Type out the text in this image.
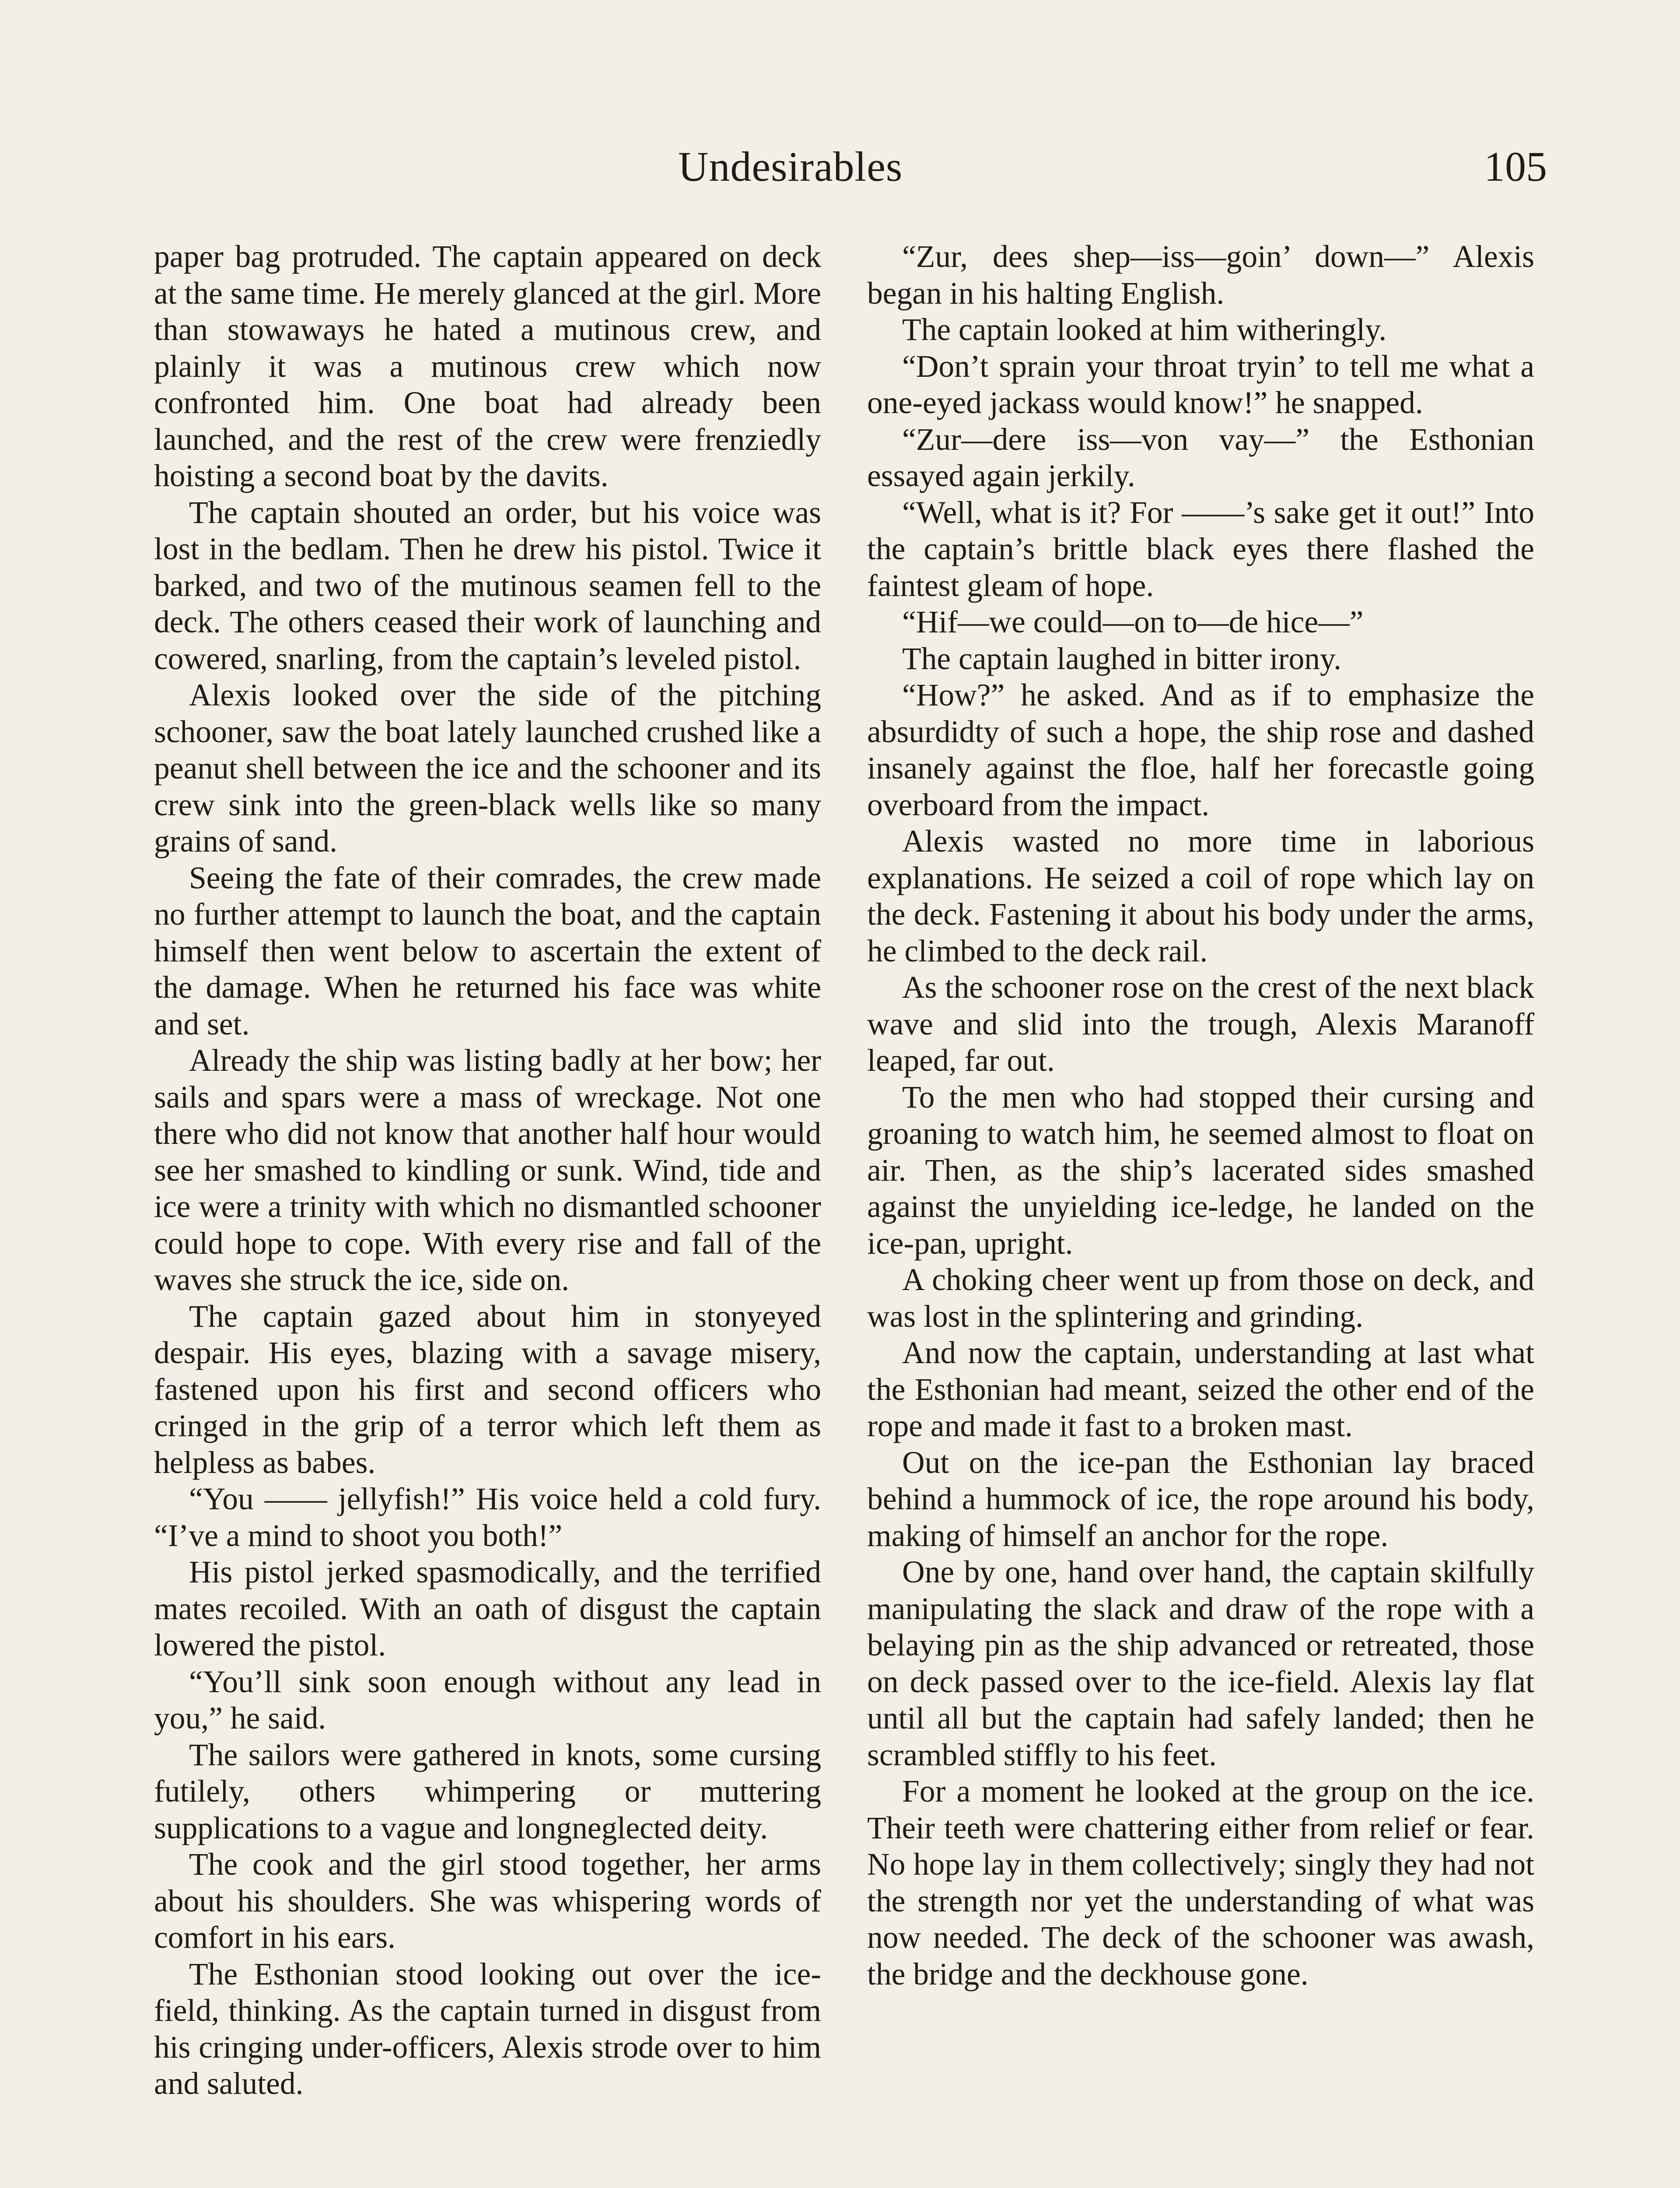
Undesirables	105

paper bag protruded. The captain appeared on deck at the same time. He merely glanced at the girl. More than stowaways he hated a mutinous crew, and plainly it was a mutinous crew which now confronted him. One boat had already been launched, and the rest of the crew were frenziedly hoisting a second boat by the davits.

The captain shouted an order, but his voice was lost in the bedlam. Then he drew his pistol. Twice it barked, and two of the mutinous seamen fell to the deck. The others ceased their work of launching and cowered, snarling, from the captain’s leveled pistol.

Alexis looked over the side of the pitching schooner, saw the boat lately launched crushed like a peanut shell between the ice and the schooner and its crew sink into the green-black wells like so many grains of sand.

Seeing the fate of their comrades, the crew made no further attempt to launch the boat, and the captain himself then went below to ascertain the extent of the damage. When he returned his face was white and set.

Already the ship was listing badly at her bow; her sails and spars were a mass of wreckage. Not one there who did not know that another half hour would see her smashed to kindling or sunk. Wind, tide and ice were a trinity with which no dismantled schooner could hope to cope. With every rise and fall of the waves she struck the ice, side on.

The captain gazed about him in stonyeyed despair. His eyes, blazing with a savage misery, fastened upon his first and second officers who cringed in the grip of a terror which left them as helpless as babes.

“You —— jellyfish!” His voice held a cold fury. “I’ve a mind to shoot you both!”

His pistol jerked spasmodically, and the terrified mates recoiled. With an oath of disgust the captain lowered the pistol.

“You’ll sink soon enough without any lead in you,” he said.

The sailors were gathered in knots, some cursing futilely, others whimpering or muttering supplications to a vague and longneglected deity.

The cook and the girl stood together, her arms about his shoulders. She was whispering words of comfort in his ears.

The Esthonian stood looking out over the ice-field, thinking. As the captain turned in disgust from his cringing under-officers, Alexis strode over to him and saluted.

“Zur, dees shep—iss—goin’ down—” Alexis began in his halting English.

The captain looked at him witheringly.

“Don’t sprain your throat tryin’ to tell me what a one-eyed jackass would know!” he snapped.

“Zur—dere iss—von vay—” the Esthonian essayed again jerkily.

“Well, what is it? For ——’s sake get it out!” Into the captain’s brittle black eyes there flashed the faintest gleam of hope.

“Hif—we could—on to—de hice—”

The captain laughed in bitter irony.

“How?” he asked. And as if to emphasize the absurdidty of such a hope, the ship rose and dashed insanely against the floe, half her forecastle going overboard from the impact.

Alexis wasted no more time in laborious explanations. He seized a coil of rope which lay on the deck. Fastening it about his body under the arms, he climbed to the deck rail.

As the schooner rose on the crest of the next black wave and slid into the trough, Alexis Maranoff leaped, far out.

To the men who had stopped their cursing and groaning to watch him, he seemed almost to float on air. Then, as the ship’s lacerated sides smashed against the unyielding ice-ledge, he landed on the ice-pan, upright.

A choking cheer went up from those on deck, and was lost in the splintering and grinding.

And now the captain, understanding at last what the Esthonian had meant, seized the other end of the rope and made it fast to a broken mast.

Out on the ice-pan the Esthonian lay braced behind a hummock of ice, the rope around his body, making of himself an anchor for the rope.

One by one, hand over hand, the captain skilfully manipulating the slack and draw of the rope with a belaying pin as the ship advanced or retreated, those on deck passed over to the ice-field. Alexis lay flat until all but the captain had safely landed; then he scrambled stiffly to his feet.

For a moment he looked at the group on the ice. Their teeth were chattering either from relief or fear. No hope lay in them collectively; singly they had not the strength nor yet the understanding of what was now needed. The deck of the schooner was awash, the bridge and the deckhouse gone.
